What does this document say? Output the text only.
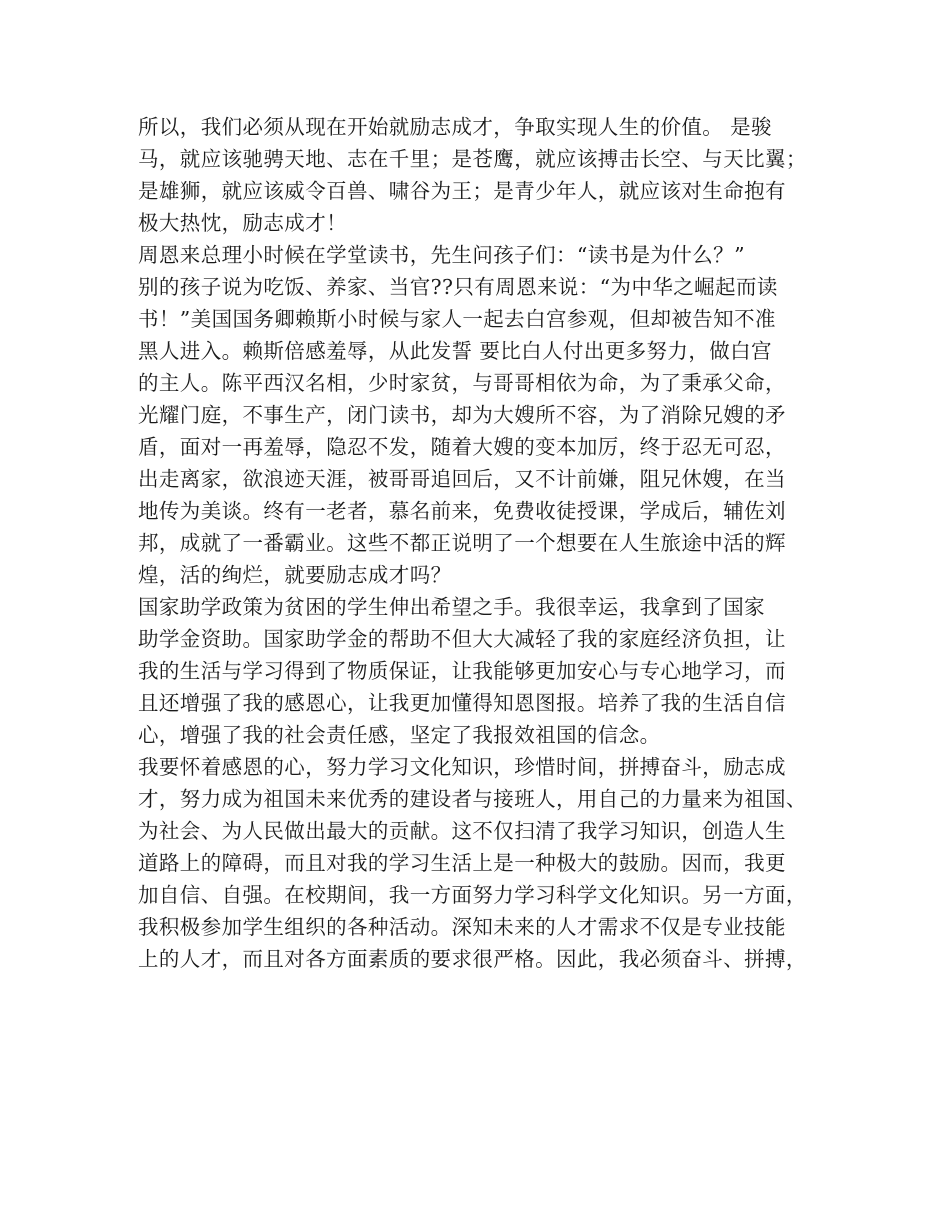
所以，我们必须从现在开始就励志成才，争取实现人生的价值。 是骏
马，就应该驰骋天地、志在千里；是苍鹰，就应该搏击长空、与天比翼；
是雄狮，就应该威令百兽、啸谷为王；是青少年人，就应该对生命抱有
极大热忱，励志成才！
周恩来总理小时候在学堂读书，先生问孩子们：“读书是为什么？”
别的孩子说为吃饭、养家、当官??只有周恩来说：“为中华之崛起而读
书！”美国国务卿赖斯小时候与家人一起去白宫参观，但却被告知不准
黑人进入。赖斯倍感羞辱，从此发誓 要比白人付出更多努力，做白宫
的主人。陈平西汉名相，少时家贫，与哥哥相依为命，为了秉承父命，
光耀门庭，不事生产，闭门读书，却为大嫂所不容，为了消除兄嫂的矛
盾，面对一再羞辱，隐忍不发，随着大嫂的变本加厉，终于忍无可忍，
出走离家，欲浪迹天涯，被哥哥追回后，又不计前嫌，阻兄休嫂，在当
地传为美谈。终有一老者，慕名前来，免费收徒授课，学成后，辅佐刘
邦，成就了一番霸业。这些不都正说明了一个想要在人生旅途中活的辉
煌，活的绚烂，就要励志成才吗？
国家助学政策为贫困的学生伸出希望之手。我很幸运，我拿到了国家
助学金资助。国家助学金的帮助不但大大减轻了我的家庭经济负担，让
我的生活与学习得到了物质保证，让我能够更加安心与专心地学习，而
且还增强了我的感恩心，让我更加懂得知恩图报。培养了我的生活自信
心，增强了我的社会责任感，坚定了我报效祖国的信念。
我要怀着感恩的心，努力学习文化知识，珍惜时间，拼搏奋斗，励志成
才，努力成为祖国未来优秀的建设者与接班人，用自己的力量来为祖国、
为社会、为人民做出最大的贡献。这不仅扫清了我学习知识，创造人生
道路上的障碍，而且对我的学习生活上是一种极大的鼓励。因而，我更
加自信、自强。在校期间，我一方面努力学习科学文化知识。另一方面，
我积极参加学生组织的各种活动。深知未来的人才需求不仅是专业技能
上的人才，而且对各方面素质的要求很严格。因此，我必须奋斗、拼搏，
